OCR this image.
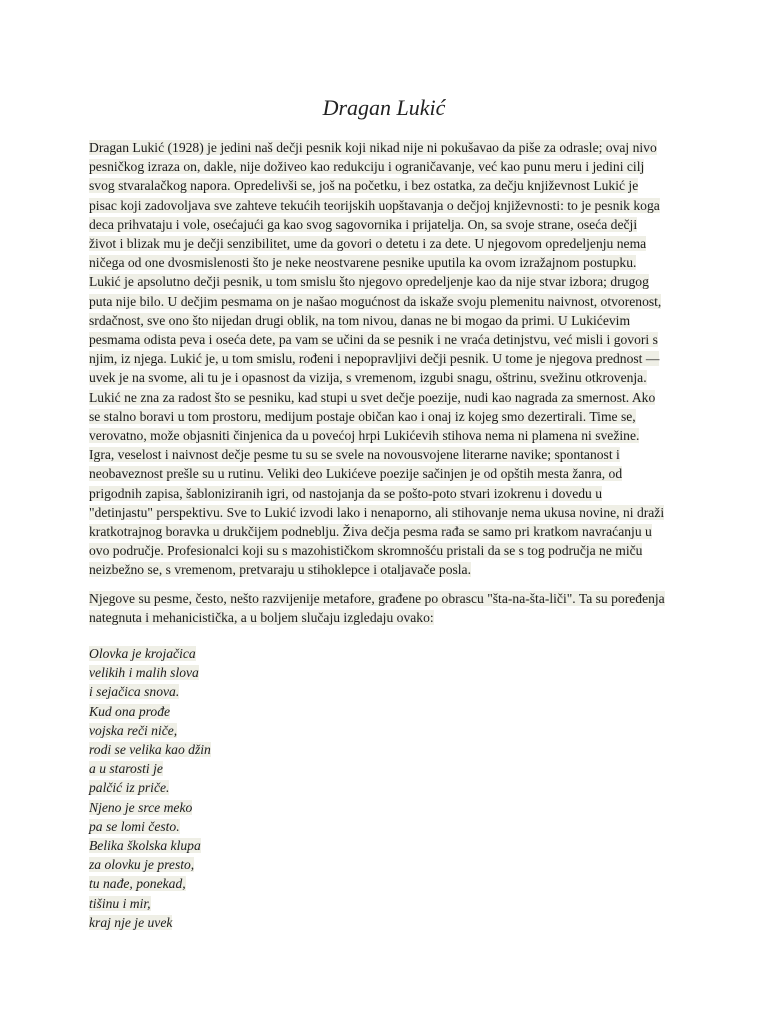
Dragan Lukić
Dragan Lukić (1928) je jedini naš dečji pesnik koji nikad nije ni pokušavao da piše za odrasle; ovaj nivo
pesničkog izraza on, dakle, nije doživeo kao redukciju i ograničavanje, već kao punu meru i jedini cilj
svog stvaralačkog napora. Opredelivši se, još na početku, i bez ostatka, za dečju književnost Lukić je
pisac koji zadovoljava sve zahteve tekućih teorijskih uopštavanja o dečjoj književnosti: to je pesnik koga
deca prihvataju i vole, osećajući ga kao svog sagovornika i prijatelja. On, sa svoje strane, oseća dečji
život i blizak mu je dečji senzibilitet, ume da govori o detetu i za dete. U njegovom opredeljenju nema
ničega od one dvosmislenosti što je neke neostvarene pesnike uputila ka ovom izražajnom postupku.
Lukić je apsolutno dečji pesnik, u tom smislu što njegovo opredeljenje kao da nije stvar izbora; drugog
puta nije bilo. U dečjim pesmama on je našao mogućnost da iskaže svoju plemenitu naivnost, otvorenost,
srdačnost, sve ono što nijedan drugi oblik, na tom nivou, danas ne bi mogao da primi. U Lukićevim
pesmama odista peva i oseća dete, pa vam se učini da se pesnik i ne vraća detinjstvu, već misli i govori s
njim, iz njega. Lukić je, u tom smislu, rođeni i nepopravljivi dečji pesnik. U tome je njegova prednost —
uvek je na svome, ali tu je i opasnost da vizija, s vremenom, izgubi snagu, oštrinu, svežinu otkrovenja.
Lukić ne zna za radost što se pesniku, kad stupi u svet dečje poezije, nudi kao nagrada za smernost. Ako
se stalno boravi u tom prostoru, medijum postaje običan kao i onaj iz kojeg smo dezertirali. Time se,
verovatno, može objasniti činjenica da u povećoj hrpi Lukićevih stihova nema ni plamena ni svežine.
Igra, veselost i naivnost dečje pesme tu su se svele na novousvojene literarne navike; spontanost i
neobaveznost prešle su u rutinu. Veliki deo Lukićeve poezije sačinjen je od opštih mesta žanra, od
prigodnih zapisa, šablonizirаnih igri, od nastojanja da se pošto-poto stvari izokrenu i dovedu u
"detinjastu" perspektivu. Sve to Lukić izvodi lako i nenaporno, ali stihovanje nema ukusa novine, ni draži
kratkotrajnog boravka u drukčijem podneblju. Živa dečja pesma rađa se samo pri kratkom navraćanju u
ovo područje. Profesionalci koji su s mazohističkom skromnošću pristali da se s tog područja ne miču
neizbežno se, s vremenom, pretvaraju u stihoklepce i otaljavače posla.
Njegove su pesme, često, nešto razvijenije metafore, građene po obrascu "šta-na-šta-liči". Ta su poređenja
nategnuta i mehanicistička, a u boljem slučaju izgledaju ovako:
Olovka je krojačica
velikih i malih slova
i sejačica snova.
Kud ona prođe
vojska reči niče,
rodi se velika kao džin
a u starosti je
palčić iz priče.
Njeno je srce meko
pa se lomi često.
Belika školska klupa
za olovku je presto,
tu nađe, ponekad,
tišinu i mir,
kraj nje je uvek
